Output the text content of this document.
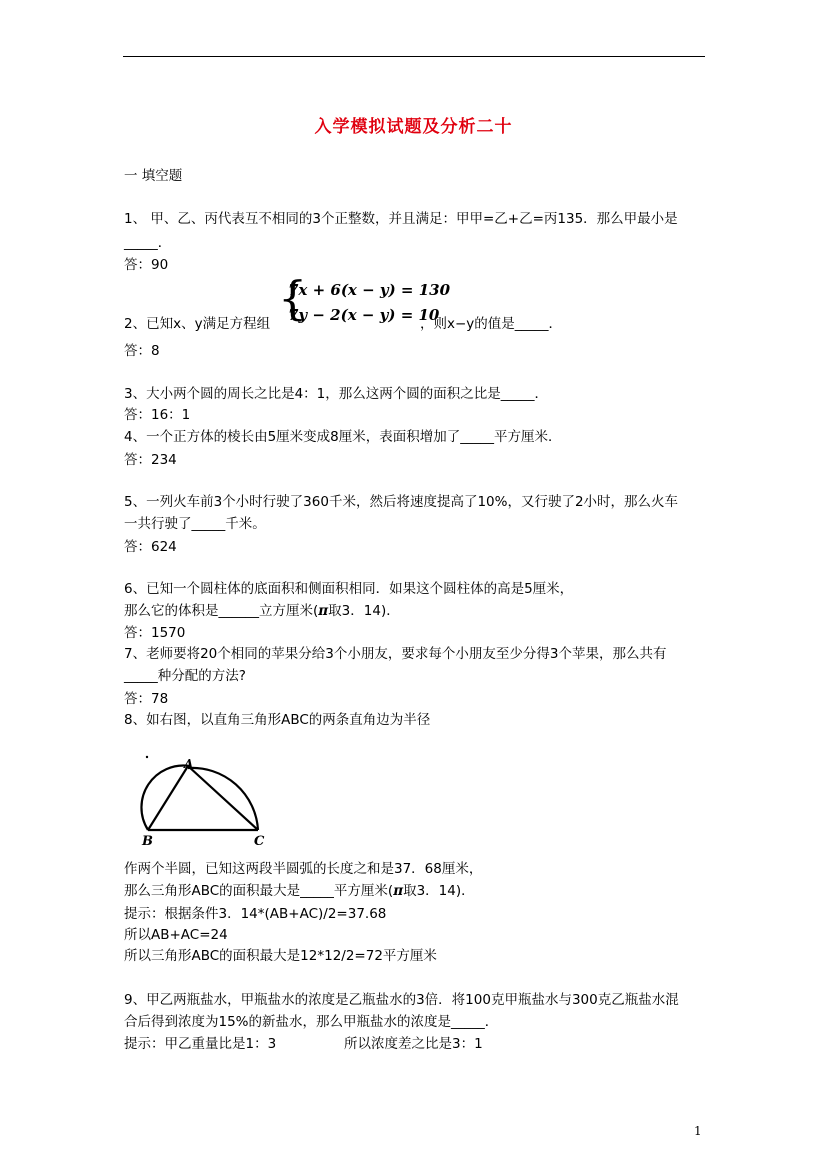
入学模拟试题及分析二十
一 填空题
1、 甲、乙、丙代表互不相同的3个正整数，并且满足：甲甲=乙+乙=丙135．那么甲最小是
_____．
答：90
{
7x + 6(x − y) = 130
7y − 2(x − y) = 10
2、已知x、y满足方程组	，则x−y的值是_____．
答：8
3、大小两个圆的周长之比是4：1，那么这两个圆的面积之比是_____．
答：16：1
4、一个正方体的棱长由5厘米变成8厘米，表面积增加了_____平方厘米．
答：234
5、一列火车前3个小时行驶了360千米，然后将速度提高了10%，又行驶了2小时，那么火车
一共行驶了_____千米。
答：624
6、已知一个圆柱体的底面积和侧面积相同．如果这个圆柱体的高是5厘米，
那么它的体积是______立方厘米(π取3．14)．
答：1570
7、老师要将20个相同的苹果分给3个小朋友，要求每个小朋友至少分得3个苹果，那么共有
_____种分配的方法?
答：78
8、如右图，以直角三角形ABC的两条直角边为半径
A
B	C
作两个半圆，已知这两段半圆弧的长度之和是37．68厘米，
那么三角形ABC的面积最大是_____平方厘米(π取3．14)．
提示：根据条件3．14*(AB+AC)/2=37.68
所以AB+AC=24
所以三角形ABC的面积最大是12*12/2=72平方厘米
9、甲乙两瓶盐水，甲瓶盐水的浓度是乙瓶盐水的3倍．将100克甲瓶盐水与300克乙瓶盐水混
合后得到浓度为15%的新盐水，那么甲瓶盐水的浓度是_____．
提示：甲乙重量比是1：3	所以浓度差之比是3：1
1
